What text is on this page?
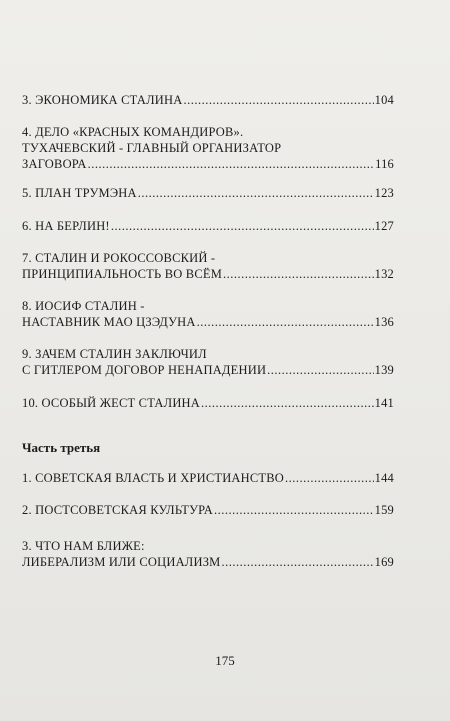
3. ЭКОНОМИКА СТАЛИНА .....	104
4. ДЕЛО «КРАСНЫХ КОМАНДИРОВ».
ТУХАЧЕВСКИЙ - ГЛАВНЫЙ ОРГАНИЗАТОР
ЗАГОВОРА .....	116
5. ПЛАН ТРУМЭНА .....	123
6. НА БЕРЛИН! .....	127
7. СТАЛИН И РОКОССОВСКИЙ -
ПРИНЦИПИАЛЬНОСТЬ ВО ВСЁМ .....	132
8. ИОСИФ СТАЛИН -
НАСТАВНИК МАО ЦЗЭДУНА .....	136
9. ЗАЧЕМ СТАЛИН ЗАКЛЮЧИЛ
С ГИТЛЕРОМ ДОГОВОР НЕНАПАДЕНИИ .....	139
10. ОСОБЫЙ ЖЕСТ СТАЛИНА .....	141
Часть третья
1. СОВЕТСКАЯ ВЛАСТЬ И ХРИСТИАНСТВО .....	144
2. ПОСТСОВЕТСКАЯ КУЛЬТУРА .....	159
3. ЧТО НАМ БЛИЖЕ:
ЛИБЕРАЛИЗМ ИЛИ СОЦИАЛИЗМ .....	169
175
